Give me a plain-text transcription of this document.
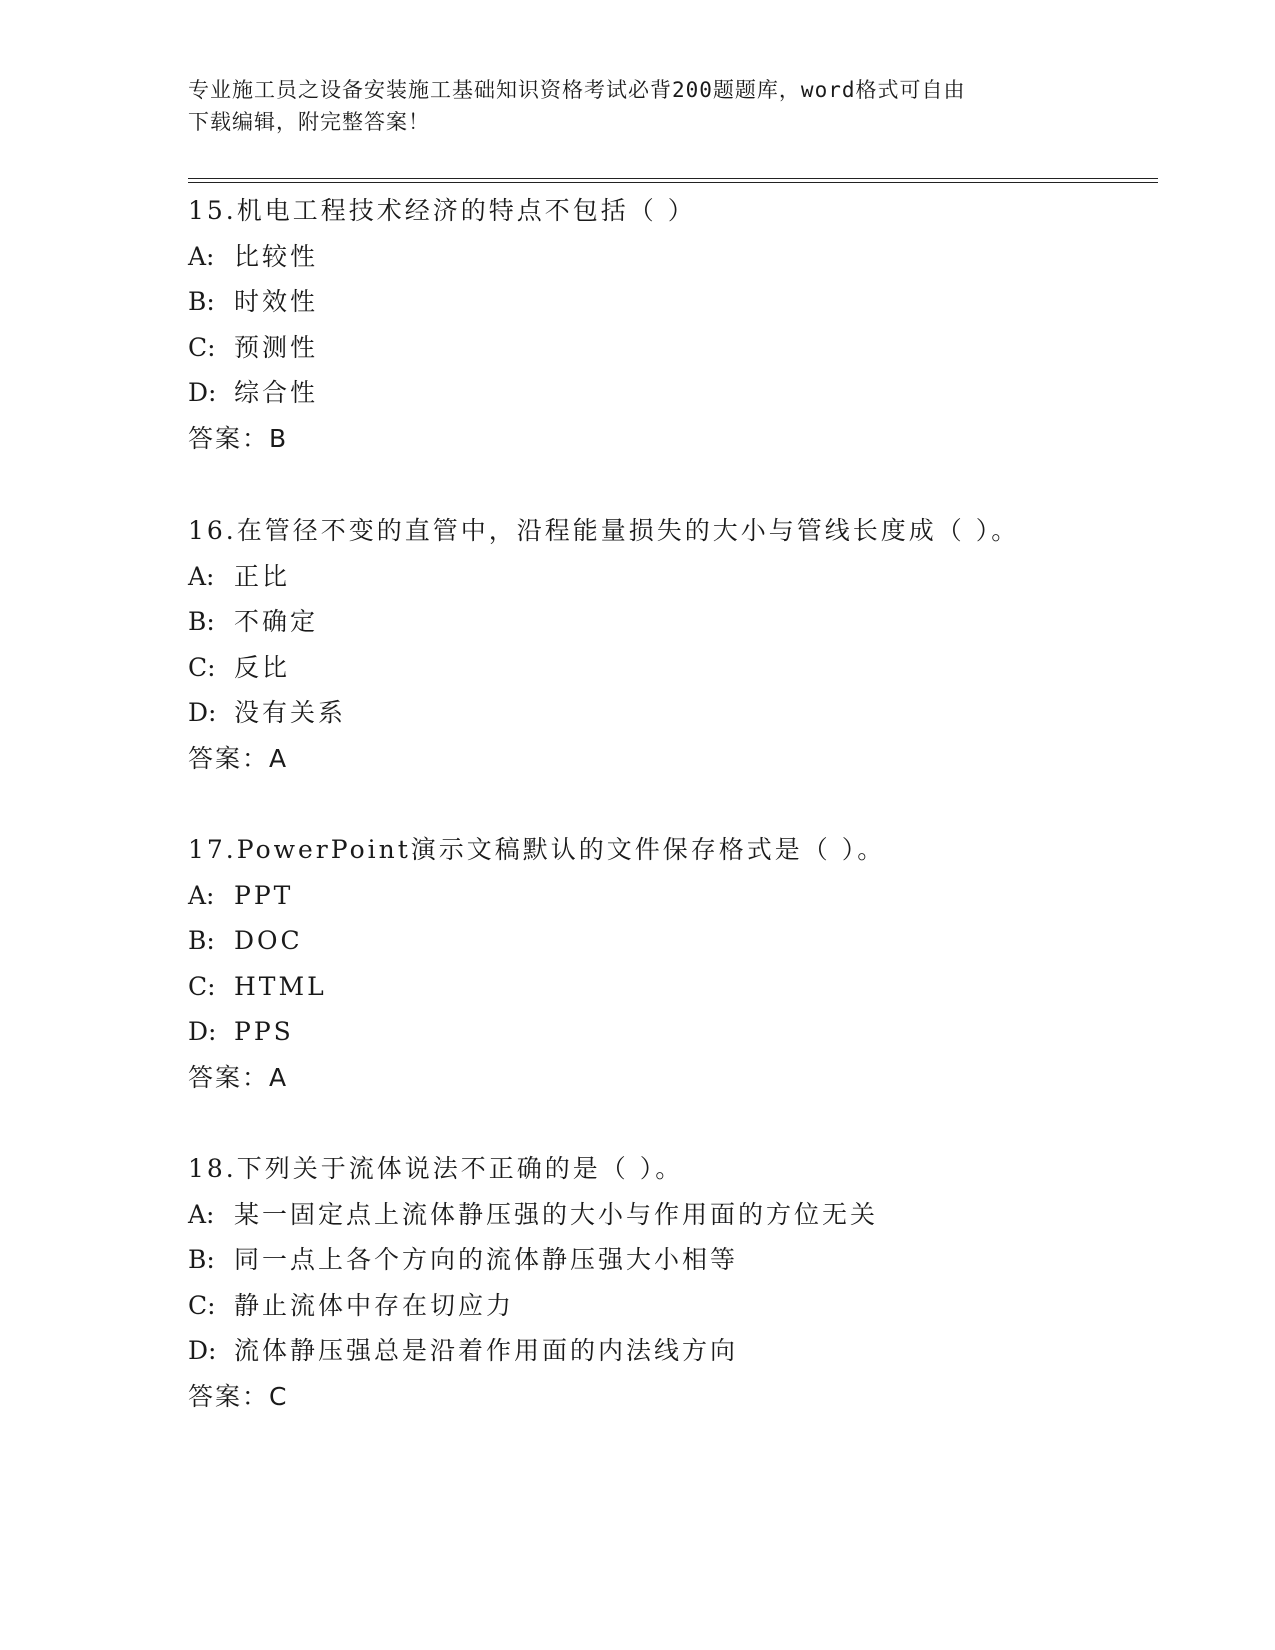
专业施工员之设备安装施工基础知识资格考试必背200题题库，word格式可自由

下载编辑，附完整答案！

15.机电工程技术经济的特点不包括（ ）
A: 比较性
B: 时效性
C: 预测性
D: 综合性
答案：B
16.在管径不变的直管中，沿程能量损失的大小与管线长度成（ ）。
A: 正比
B: 不确定
C: 反比
D: 没有关系
答案：A
17.PowerPoint演示文稿默认的文件保存格式是（ ）。
A: PPT
B: DOC
C: HTML
D: PPS
答案：A
18.下列关于流体说法不正确的是（ ）。
A: 某一固定点上流体静压强的大小与作用面的方位无关
B: 同一点上各个方向的流体静压强大小相等
C: 静止流体中存在切应力
D: 流体静压强总是沿着作用面的内法线方向
答案：C
